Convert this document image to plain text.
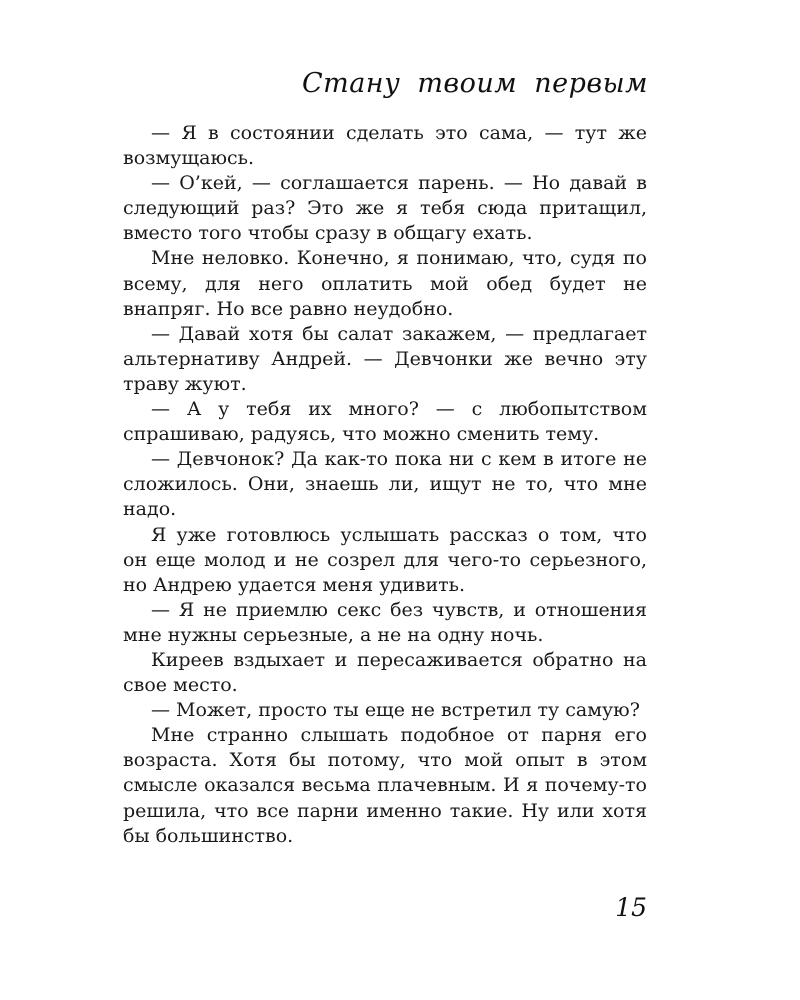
Стану твоим первым

— Я в состоянии сделать это сама, — тут же возмущаюсь.

— О’кей, — соглашается парень. — Но давай в следующий раз? Это же я тебя сюда притащил, вместо того чтобы сразу в общагу ехать.

Мне неловко. Конечно, я понимаю, что, судя по всему, для него оплатить мой обед будет не внапряг. Но все равно неудобно.

— Давай хотя бы салат закажем, — предлагает альтернативу Андрей. — Девчонки же вечно эту траву жуют.

— А у тебя их много? — с любопытством спрашиваю, радуясь, что можно сменить тему.

— Девчонок? Да как-то пока ни с кем в итоге не сложилось. Они, знаешь ли, ищут не то, что мне надо.

Я уже готовлюсь услышать рассказ о том, что он еще молод и не созрел для чего-то серьезного, но Андрею удается меня удивить.

— Я не приемлю секс без чувств, и отношения мне нужны серьезные, а не на одну ночь.

Киреев вздыхает и пересаживается обратно на свое место.

— Может, просто ты еще не встретил ту самую?

Мне странно слышать подобное от парня его возраста. Хотя бы потому, что мой опыт в этом смысле оказался весьма плачевным. И я почему-то решила, что все парни именно такие. Ну или хотя бы большинство.

15
